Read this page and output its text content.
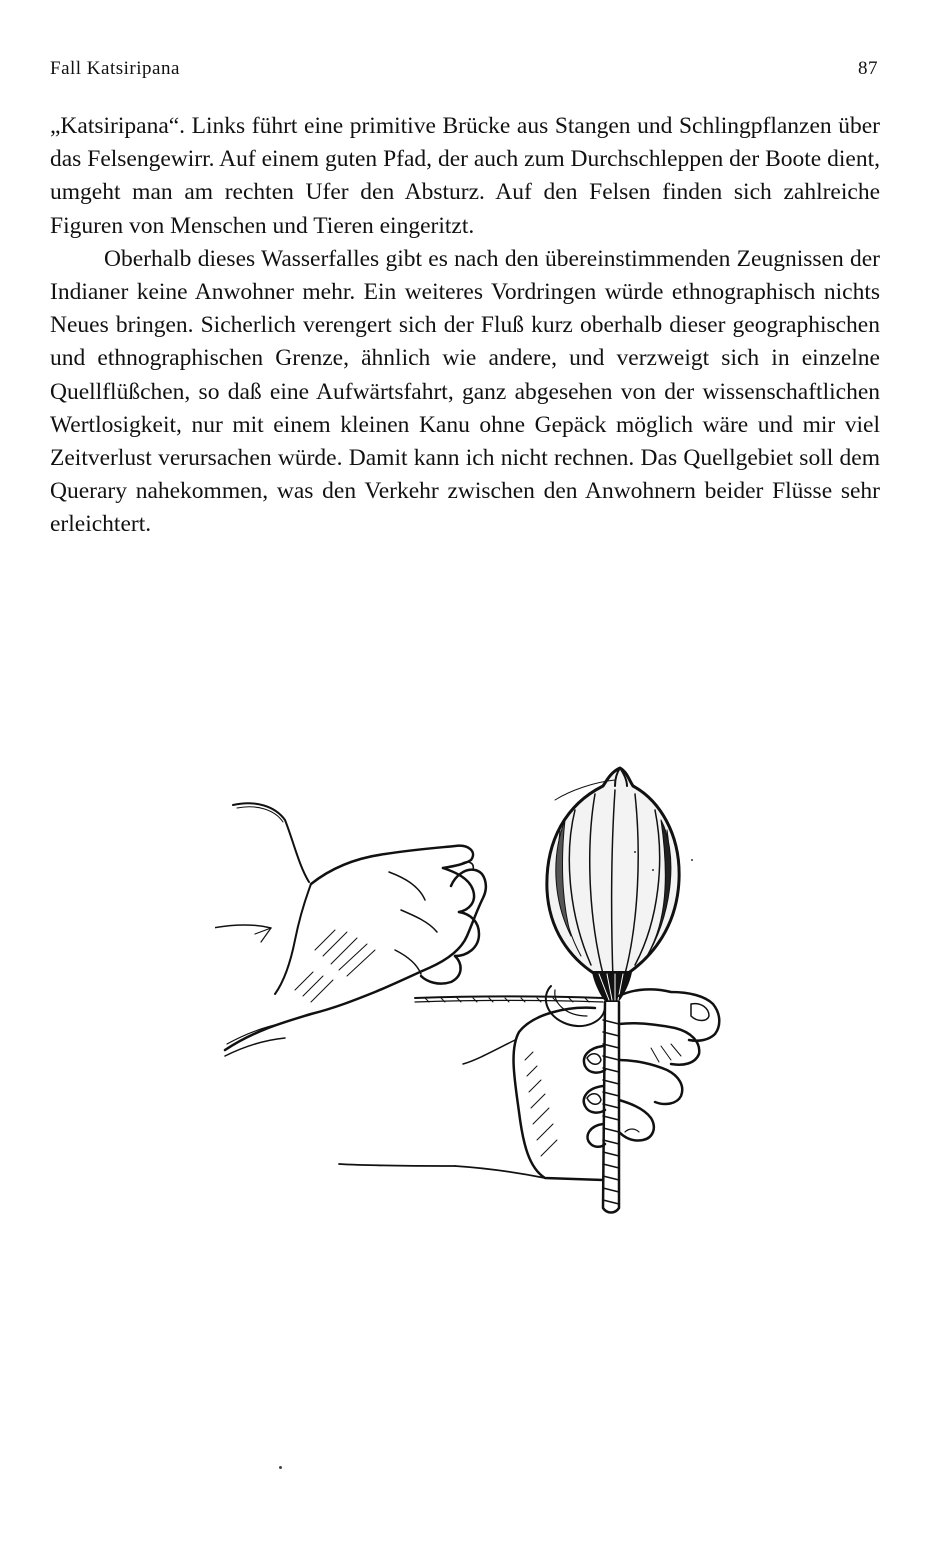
Fall Katsiripana	87

„Katsiripana“. Links führt eine primitive Brücke aus Stangen und Schlingpflanzen über das Felsengewirr. Auf einem guten Pfad, der auch zum Durchschleppen der Boote dient, umgeht man am rechten Ufer den Absturz. Auf den Felsen finden sich zahlreiche Figuren von Menschen und Tieren eingeritzt.

Oberhalb dieses Wasserfalles gibt es nach den übereinstimmenden Zeugnissen der Indianer keine Anwohner mehr. Ein weiteres Vordringen würde ethnographisch nichts Neues bringen. Sicherlich verengert sich der Fluß kurz oberhalb dieser geographischen und ethnographischen Grenze, ähnlich wie andere, und verzweigt sich in einzelne Quellflüßchen, so daß eine Aufwärtsfahrt, ganz abgesehen von der wissenschaftlichen Wertlosigkeit, nur mit einem kleinen Kanu ohne Gepäck möglich wäre und mir viel Zeitverlust verursachen würde. Damit kann ich nicht rechnen. Das Quellgebiet soll dem Querary nahekommen, was den Verkehr zwischen den Anwohnern beider Flüsse sehr erleichtert.
